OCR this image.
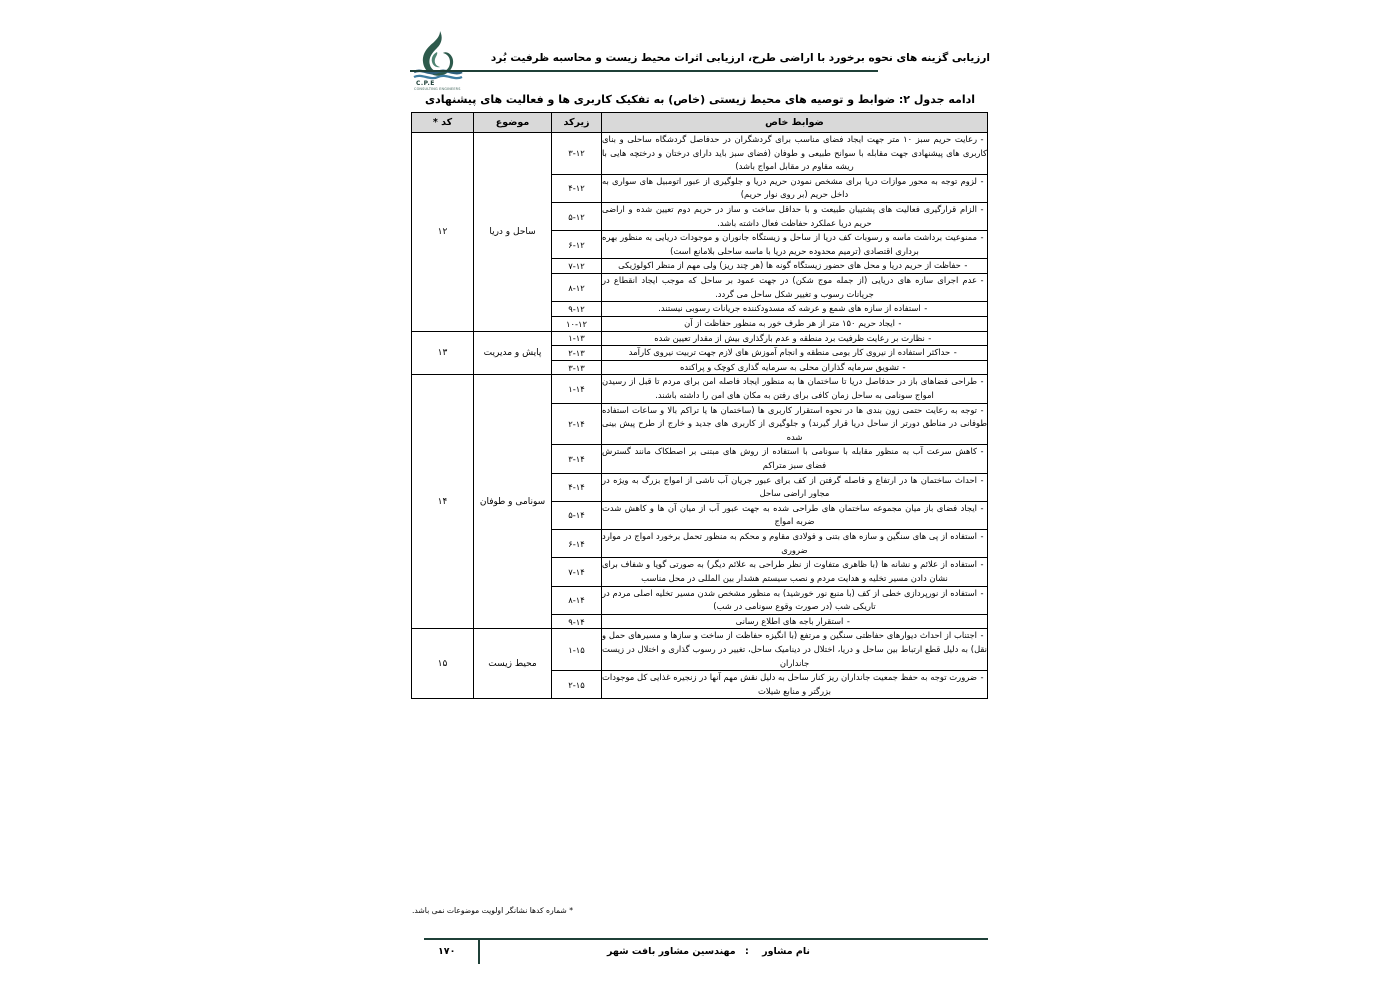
C.P.E
CONSULTING ENGINEERS
ارزیابی گزینه های نحوه برخورد با اراضی طرح، ارزیابی اثرات محیط زیست و محاسبه ظرفیت بُرد
ادامه جدول ۲: ضوابط و توصیه های محیط زیستی (خاص) به تفکیک کاربری ها و فعالیت های پیشنهادی
ضوابط خاص	زیرکد	موضوع	کد *
-رعایت حریم سبز ۱۰ متر جهت ایجاد فضای مناسب برای گردشگران در حدفاصل گردشگاه ساحلی و بنای کاربری های پیشنهادی جهت مقابله با سوانح طبیعی و طوفان (فضای سبز باید دارای درختان و درختچه هایی با ریشه مقاوم در مقابل امواج باشد)	۳-۱۲	ساحل و دریا	۱۲
-لزوم توجه به محور موازات دریا برای مشخص نمودن حریم دریا و جلوگیری از عبور اتومبیل های سواری به داخل حریم (بر روی نوار حریم)	۴-۱۲		
-الزام قرارگیری فعالیت های پشتیبان طبیعت و با حداقل ساخت و ساز در حریم دوم تعیین شده و اراضی حریم دریا عملکرد حفاظت فعال داشته باشد.	۵-۱۲		
-ممنوعیت برداشت ماسه و رسوبات کف دریا از ساحل و زیستگاه جانوران و موجودات دریایی به منظور بهره برداری اقتصادی (ترمیم محدوده حریم دریا با ماسه ساحلی بلامانع است)	۶-۱۲		
-حفاظت از حریم دریا و محل های حضور زیستگاه گونه ها (هر چند ریز) ولی مهم از منظر اکولوژیکی	۷-۱۲		
-عدم اجرای سازه های دریایی (از جمله موج شکن) در جهت عمود بر ساحل که موجب ایجاد انقطاع در جریانات رسوب و تغییر شکل ساحل می گردد.	۸-۱۲		
-استفاده از سازه های شمع و عرشه که مسدودکننده جریانات رسوبی نیستند.	۹-۱۲		
-ایجاد حریم ۱۵۰ متر از هر طرف خور به منظور حفاظت از آن	۱۰-۱۲		
-نظارت بر رعایت ظرفیت برد منطقه و عدم بارگذاری بیش از مقدار تعیین شده	۱-۱۳	پایش و مدیریت	۱۳
-حداکثر استفاده از نیروی کار بومی منطقه و انجام آموزش های لازم جهت تربیت نیروی کارآمد	۲-۱۳		
-تشویق سرمایه گذاران محلی به سرمایه گذاری کوچک و پراکنده	۳-۱۳		
-طراحی فضاهای باز در حدفاصل دریا تا ساختمان ها به منظور ایجاد فاصله امن برای مردم تا قبل از رسیدن امواج سونامی به ساحل زمان کافی برای رفتن به مکان های امن را داشته باشند.	۱-۱۴	سونامی و طوفان	۱۴
-توجه به رعایت حتمی زون بندی ها در نحوه استقرار کاربری ها (ساختمان ها یا تراکم بالا و ساعات استفاده طوفانی در مناطق دورتر از ساحل دریا قرار گیرند) و جلوگیری از کاربری های جدید و خارج از طرح پیش بینی شده	۲-۱۴		
-کاهش سرعت آب به منظور مقابله با سونامی با استفاده از روش های مبتنی بر اصطکاک مانند گسترش فضای سبز متراکم	۳-۱۴		
-احداث ساختمان ها در ارتفاع و فاصله گرفتن از کف برای عبور جریان آب ناشی از امواج بزرگ به ویژه در مجاور اراضی ساحل	۴-۱۴		
-ایجاد فضای باز میان مجموعه ساختمان های طراحی شده به جهت عبور آب از میان آن ها و کاهش شدت ضربه امواج	۵-۱۴		
-استفاده از پی های سنگین و سازه های بتنی و فولادی مقاوم و محکم به منظور تحمل برخورد امواج در موارد ضروری	۶-۱۴		
-استفاده از علائم و نشانه ها (با ظاهری متفاوت از نظر طراحی به علائم دیگر) به صورتی گویا و شفاف برای نشان دادن مسیر تخلیه و هدایت مردم و نصب سیستم هشدار بین المللی در محل مناسب	۷-۱۴		
-استفاده از نورپردازی خطی از کف (با منبع نور خورشید) به منظور مشخص شدن مسیر تخلیه اصلی مردم در تاریکی شب (در صورت وقوع سونامی در شب)	۸-۱۴		
-استقرار باجه های اطلاع رسانی	۹-۱۴		
-اجتناب از احداث دیوارهای حفاظتی سنگین و مرتفع (با انگیزه حفاظت از ساخت و سازها و مسیرهای حمل و نقل) به دلیل قطع ارتباط بین ساحل و دریا، اختلال در دینامیک ساحل، تغییر در رسوب گذاری و اختلال در زیست جانداران	۱-۱۵	محیط زیست	۱۵
-ضرورت توجه به حفظ جمعیت جانداران ریز کنار ساحل به دلیل نقش مهم آنها در زنجیره غذایی کل موجودات بزرگتر و منابع شیلات	۲-۱۵		
* شماره کدها نشانگر اولویت موضوعات نمی باشد.
نام مشاور : مهندسین مشاور بافت شهر
۱۷۰
